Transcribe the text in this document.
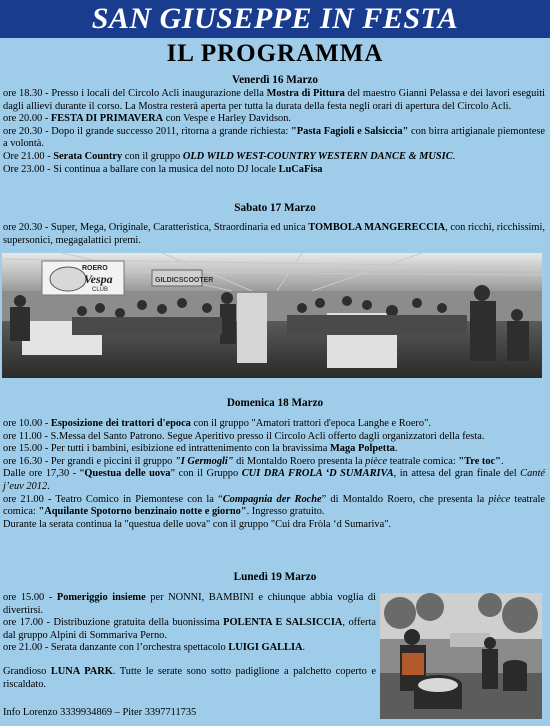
SAN GIUSEPPE IN FESTA
IL PROGRAMMA
Venerdì 16 Marzo

ore 18.30 - Presso i locali del Circolo Acli inaugurazione della Mostra di Pittura del maestro Gianni Pelassa e dei lavori eseguiti dagli allievi durante il corso. La Mostra resterà aperta per tutta la durata della festa negli orari di apertura del Circolo Acli.

ore 20.00 - FESTA DI PRIMAVERA con Vespe e Harley Davidson.

ore 20.30 - Dopo il grande successo 2011, ritorna a grande richiesta: "Pasta Fagioli e Salsiccia" con birra artigianale piemontese a volontà.

Ore 21.00 - Serata Country con il gruppo OLD WILD WEST-COUNTRY WESTERN DANCE & MUSIC.

Ore 23.00 - Si continua a ballare con la musica del noto DJ locale LuCaFisa

Sabato 17 Marzo

ore 20.30 - Super, Mega, Originale, Caratteristica, Straordinaria ed unica TOMBOLA MANGERECCIA, con ricchi, ricchissimi, supersonici, megagalattici premi.

ROERO
Vespa
CLUB
GILDICSCOOTER
Domenica 18 Marzo

ore 10.00 - Esposizione dei trattori d'epoca con il gruppo "Amatori trattori d'epoca Langhe e Roero".

ore 11.00 - S.Messa del Santo Patrono. Segue Aperitivo presso il Circolo Acli offerto dagli organizzatori della festa.

ore 15.00 - Per tutti i bambini, esibizione ed intrattenimento con la bravissima Maga Polpetta.

ore 16.30 - Per grandi e piccini il gruppo "I Germogli" di Montaldo Roero presenta la pièce teatrale comica: "Tre toc".

Dalle ore 17,30 - “Questua delle uova” con il Gruppo CUI DRA FROLA ‘D SUMARIVA, in attesa del gran finale del Canté j’euv 2012.

ore 21.00 - Teatro Comico in Piemontese con la “Compagnia der Roche” di Montaldo Roero, che presenta la pièce teatrale comica: "Aquilante Spotorno benzinaio notte e giorno". Ingresso gratuito.

Durante la serata continua la "questua delle uova" con il gruppo "Cui dra Fròla ‘d Sumariva".

Lunedì 19 Marzo

ore 15.00 - Pomeriggio insieme per NONNI, BAMBINI e chiunque abbia voglia di divertirsi.

ore 17.00 - Distribuzione gratuita della buonissima POLENTA E SALSICCIA, offerta dal gruppo Alpini di Sommariva Perno.

ore 21.00 - Serata danzante con l’orchestra spettacolo LUIGI GALLIA.

Grandioso LUNA PARK. Tutte le serate sono sotto padiglione a palchetto coperto e riscaldato.

Info Lorenzo 3339934869 – Piter 3397711735
